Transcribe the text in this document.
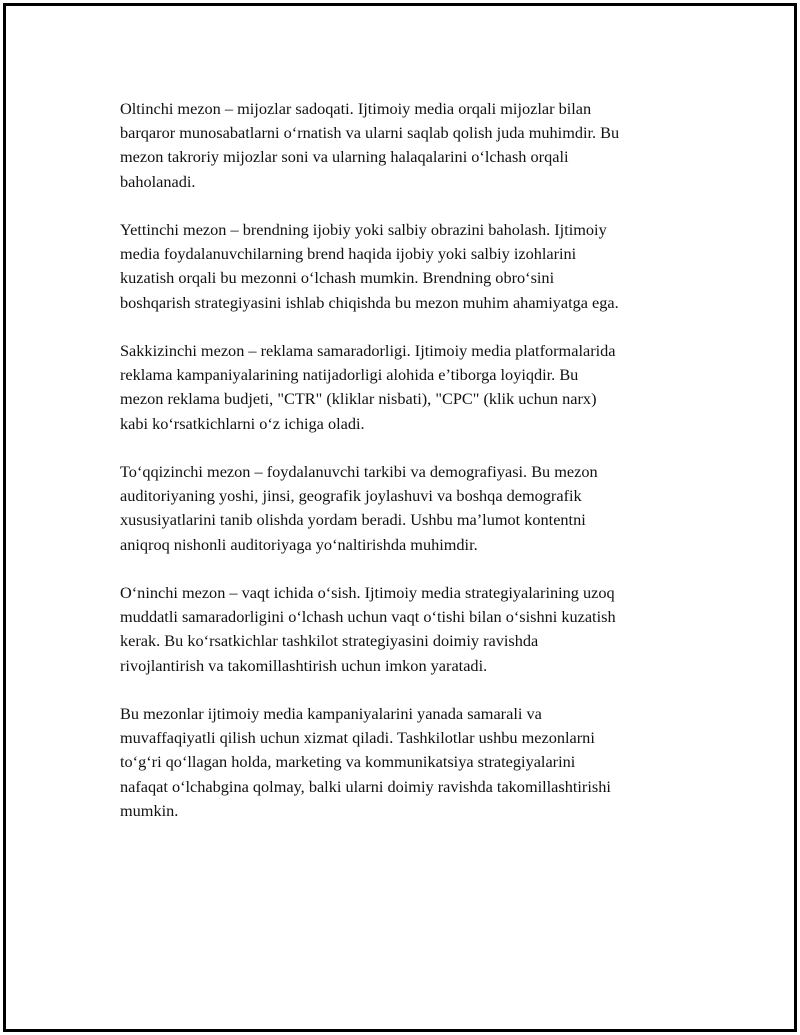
Oltinchi mezon – mijozlar sadoqati. Ijtimoiy media orqali mijozlar bilan
barqaror munosabatlarni o‘rnatish va ularni saqlab qolish juda muhimdir. Bu
mezon takroriy mijozlar soni va ularning halaqalarini o‘lchash orqali
baholanadi.

Yettinchi mezon – brendning ijobiy yoki salbiy obrazini baholash. Ijtimoiy
media foydalanuvchilarning brend haqida ijobiy yoki salbiy izohlarini
kuzatish orqali bu mezonni o‘lchash mumkin. Brendning obro‘sini
boshqarish strategiyasini ishlab chiqishda bu mezon muhim ahamiyatga ega.

Sakkizinchi mezon – reklama samaradorligi. Ijtimoiy media platformalarida
reklama kampaniyalarining natijadorligi alohida e’tiborga loyiqdir. Bu
mezon reklama budjeti, "CTR" (kliklar nisbati), "CPC" (klik uchun narx)
kabi ko‘rsatkichlarni o‘z ichiga oladi.

To‘qqizinchi mezon – foydalanuvchi tarkibi va demografiyasi. Bu mezon
auditoriyaning yoshi, jinsi, geografik joylashuvi va boshqa demografik
xususiyatlarini tanib olishda yordam beradi. Ushbu ma’lumot kontentni
aniqroq nishonli auditoriyaga yo‘naltirishda muhimdir.

O‘ninchi mezon – vaqt ichida o‘sish. Ijtimoiy media strategiyalarining uzoq
muddatli samaradorligini o‘lchash uchun vaqt o‘tishi bilan o‘sishni kuzatish
kerak. Bu ko‘rsatkichlar tashkilot strategiyasini doimiy ravishda
rivojlantirish va takomillashtirish uchun imkon yaratadi.

Bu mezonlar ijtimoiy media kampaniyalarini yanada samarali va
muvaffaqiyatli qilish uchun xizmat qiladi. Tashkilotlar ushbu mezonlarni
to‘g‘ri qo‘llagan holda, marketing va kommunikatsiya strategiyalarini
nafaqat o‘lchabgina qolmay, balki ularni doimiy ravishda takomillashtirishi
mumkin.
